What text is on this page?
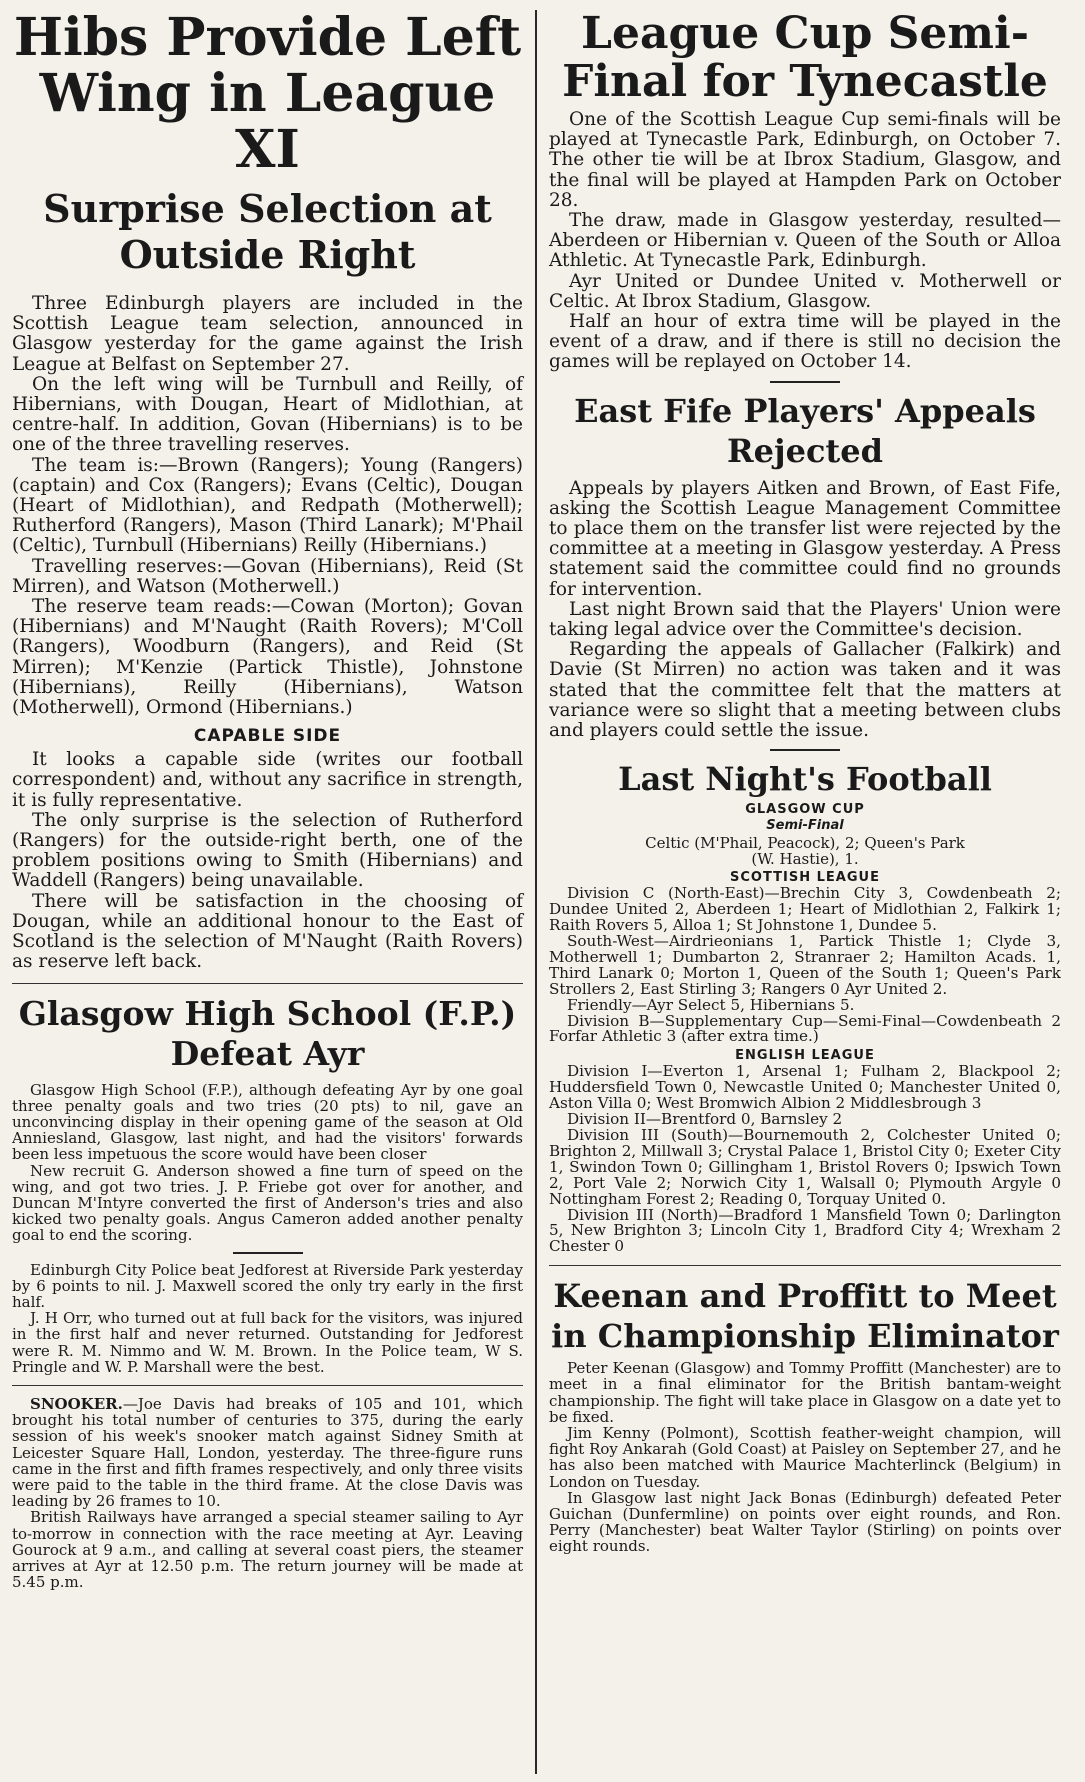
Hibs Provide Left Wing in League XI
Surprise Selection at Outside Right

Three Edinburgh players are included in the Scottish League team selection, announced in Glasgow yesterday for the game against the Irish League at Belfast on September 27.

On the left wing will be Turnbull and Reilly, of Hibernians, with Dougan, Heart of Midlothian, at centre-half. In addition, Govan (Hibernians) is to be one of the three travelling reserves.

The team is:—Brown (Rangers); Young (Rangers) (captain) and Cox (Rangers); Evans (Celtic), Dougan (Heart of Midlothian), and Redpath (Motherwell); Rutherford (Rangers), Mason (Third Lanark); M'Phail (Celtic), Turnbull (Hibernians) Reilly (Hibernians.)

Travelling reserves:—Govan (Hibernians), Reid (St Mirren), and Watson (Motherwell.)

The reserve team reads:—Cowan (Morton); Govan (Hibernians) and M'Naught (Raith Rovers); M'Coll (Rangers), Woodburn (Rangers), and Reid (St Mirren); M'Kenzie (Partick Thistle), Johnstone (Hibernians), Reilly (Hibernians), Watson (Motherwell), Ormond (Hibernians.)

CAPABLE SIDE

It looks a capable side (writes our football correspondent) and, without any sacrifice in strength, it is fully representative.

The only surprise is the selection of Rutherford (Rangers) for the outside-right berth, one of the problem positions owing to Smith (Hibernians) and Waddell (Rangers) being unavailable.

There will be satisfaction in the choosing of Dougan, while an additional honour to the East of Scotland is the selection of M'Naught (Raith Rovers) as reserve left back.

Glasgow High School (F.P.) Defeat Ayr

Glasgow High School (F.P.), although defeating Ayr by one goal three penalty goals and two tries (20 pts) to nil, gave an unconvincing display in their opening game of the season at Old Anniesland, Glasgow, last night, and had the visitors' forwards been less impetuous the score would have been closer

New recruit G. Anderson showed a fine turn of speed on the wing, and got two tries. J. P. Friebe got over for another, and Duncan M'Intyre converted the first of Anderson's tries and also kicked two penalty goals. Angus Cameron added another penalty goal to end the scoring.

Edinburgh City Police beat Jedforest at Riverside Park yesterday by 6 points to nil. J. Maxwell scored the only try early in the first half.

J. H Orr, who turned out at full back for the visitors, was injured in the first half and never returned. Outstanding for Jedforest were R. M. Nimmo and W. M. Brown. In the Police team, W S. Pringle and W. P. Marshall were the best.

SNOOKER.—Joe Davis had breaks of 105 and 101, which brought his total number of centuries to 375, during the early session of his week's snooker match against Sidney Smith at Leicester Square Hall, London, yesterday. The three-figure runs came in the first and fifth frames respectively, and only three visits were paid to the table in the third frame. At the close Davis was leading by 26 frames to 10.

British Railways have arranged a special steamer sailing to Ayr to-morrow in connection with the race meeting at Ayr. Leaving Gourock at 9 a.m., and calling at several coast piers, the steamer arrives at Ayr at 12.50 p.m. The return journey will be made at 5.45 p.m.

League Cup Semi-Final for Tynecastle

One of the Scottish League Cup semi-finals will be played at Tynecastle Park, Edinburgh, on October 7. The other tie will be at Ibrox Stadium, Glasgow, and the final will be played at Hampden Park on October 28.

The draw, made in Glasgow yesterday, resulted—Aberdeen or Hibernian v. Queen of the South or Alloa Athletic. At Tynecastle Park, Edinburgh.

Ayr United or Dundee United v. Motherwell or Celtic. At Ibrox Stadium, Glasgow.

Half an hour of extra time will be played in the event of a draw, and if there is still no decision the games will be replayed on October 14.

East Fife Players' Appeals Rejected

Appeals by players Aitken and Brown, of East Fife, asking the Scottish League Management Committee to place them on the transfer list were rejected by the committee at a meeting in Glasgow yesterday. A Press statement said the committee could find no grounds for intervention.

Last night Brown said that the Players' Union were taking legal advice over the Committee's decision.

Regarding the appeals of Gallacher (Falkirk) and Davie (St Mirren) no action was taken and it was stated that the committee felt that the matters at variance were so slight that a meeting between clubs and players could settle the issue.

Last Night's Football
GLASGOW CUP
Semi-Final

Celtic (M'Phail, Peacock), 2; Queen's Park

(W. Hastie), 1.

SCOTTISH LEAGUE

Division C (North-East)—Brechin City 3, Cowdenbeath 2; Dundee United 2, Aberdeen 1; Heart of Midlothian 2, Falkirk 1; Raith Rovers 5, Alloa 1; St Johnstone 1, Dundee 5.

South-West—Airdrieonians 1, Partick Thistle 1; Clyde 3, Motherwell 1; Dumbarton 2, Stranraer 2; Hamilton Acads. 1, Third Lanark 0; Morton 1, Queen of the South 1; Queen's Park Strollers 2, East Stirling 3; Rangers 0 Ayr United 2.

Friendly—Ayr Select 5, Hibernians 5.

Division B—Supplementary Cup—Semi-Final—Cowdenbeath 2 Forfar Athletic 3 (after extra time.)

ENGLISH LEAGUE

Division I—Everton 1, Arsenal 1; Fulham 2, Blackpool 2; Huddersfield Town 0, Newcastle United 0; Manchester United 0, Aston Villa 0; West Bromwich Albion 2 Middlesbrough 3

Division II—Brentford 0, Barnsley 2

Division III (South)—Bournemouth 2, Colchester United 0; Brighton 2, Millwall 3; Crystal Palace 1, Bristol City 0; Exeter City 1, Swindon Town 0; Gillingham 1, Bristol Rovers 0; Ipswich Town 2, Port Vale 2; Norwich City 1, Walsall 0; Plymouth Argyle 0 Nottingham Forest 2; Reading 0, Torquay United 0.

Division III (North)—Bradford 1 Mansfield Town 0; Darlington 5, New Brighton 3; Lincoln City 1, Bradford City 4; Wrexham 2 Chester 0

Keenan and Proffitt to Meet in Championship Eliminator

Peter Keenan (Glasgow) and Tommy Proffitt (Manchester) are to meet in a final eliminator for the British bantam-weight championship. The fight will take place in Glasgow on a date yet to be fixed.

Jim Kenny (Polmont), Scottish feather-weight champion, will fight Roy Ankarah (Gold Coast) at Paisley on September 27, and he has also been matched with Maurice Machterlinck (Belgium) in London on Tuesday.

In Glasgow last night Jack Bonas (Edinburgh) defeated Peter Guichan (Dunfermline) on points over eight rounds, and Ron. Perry (Manchester) beat Walter Taylor (Stirling) on points over eight rounds.
